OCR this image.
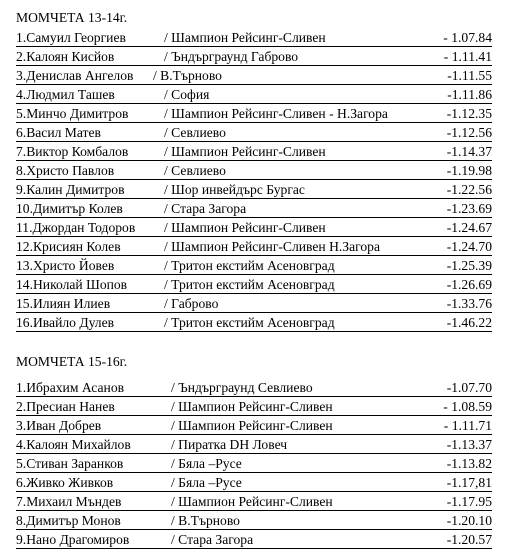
МОМЧЕТА 13-14г.
1.Самуил Георгиев	/ Шампион Рейсинг-Сливен	- 1.07.84
2.Калоян Кисйов	/ Ъндърграунд Габрово	- 1.11.41
3.Денислав Ангелов / В.Търново	-1.11.55
4.Людмил Ташев	/ София	-1.11.86
5.Минчо Димитров	/ Шампион Рейсинг-Сливен - Н.Загора	-1.12.35
6.Васил Матев	/ Севлиево	-1.12.56
7.Виктор Комбалов	/ Шампион Рейсинг-Сливен	-1.14.37
8.Христо Павлов	/ Севлиево	-1.19.98
9.Калин Димитров	/ Шор инвейдърс Бургас	-1.22.56
10.Димитър Колев	/ Стара Загора	-1.23.69
11.Джордан Тодоров / Шампион Рейсинг-Сливен	-1.24.67
12.Крисиян Колев	/ Шампион Рейсинг-Сливен Н.Загора	-1.24.70
13.Христо Йовев	/ Тритон екстийм Асеновград	-1.25.39
14.Николай Шопов	/ Тритон екстийм Асеновград	-1.26.69
15.Илиян Илиев	/ Габрово	-1.33.76
16.Ивайло Дулев	/ Тритон екстийм Асеновград	-1.46.22
МОМЧЕТА 15-16г.
1.Ибрахим Асанов	/ Ъндърграунд Севлиево	-1.07.70
2.Пресиан Нанев	/ Шампион Рейсинг-Сливен	- 1.08.59
3.Иван Добрев	/ Шампион Рейсинг-Сливен	- 1.11.71
4.Калоян Михайлов	/ Пиратка DH Ловеч	-1.13.37
5.Стиван Заранков	/ Бяла –Русе	-1.13.82
6.Живко Живков	/ Бяла –Русе	-1.17,81
7.Михаил Мъндев	/ Шампион Рейсинг-Сливен	-1.17.95
8.Димитър Монов	/ В.Търново	-1.20.10
9.Нано Драгомиров	/ Стара Загора	-1.20.57
